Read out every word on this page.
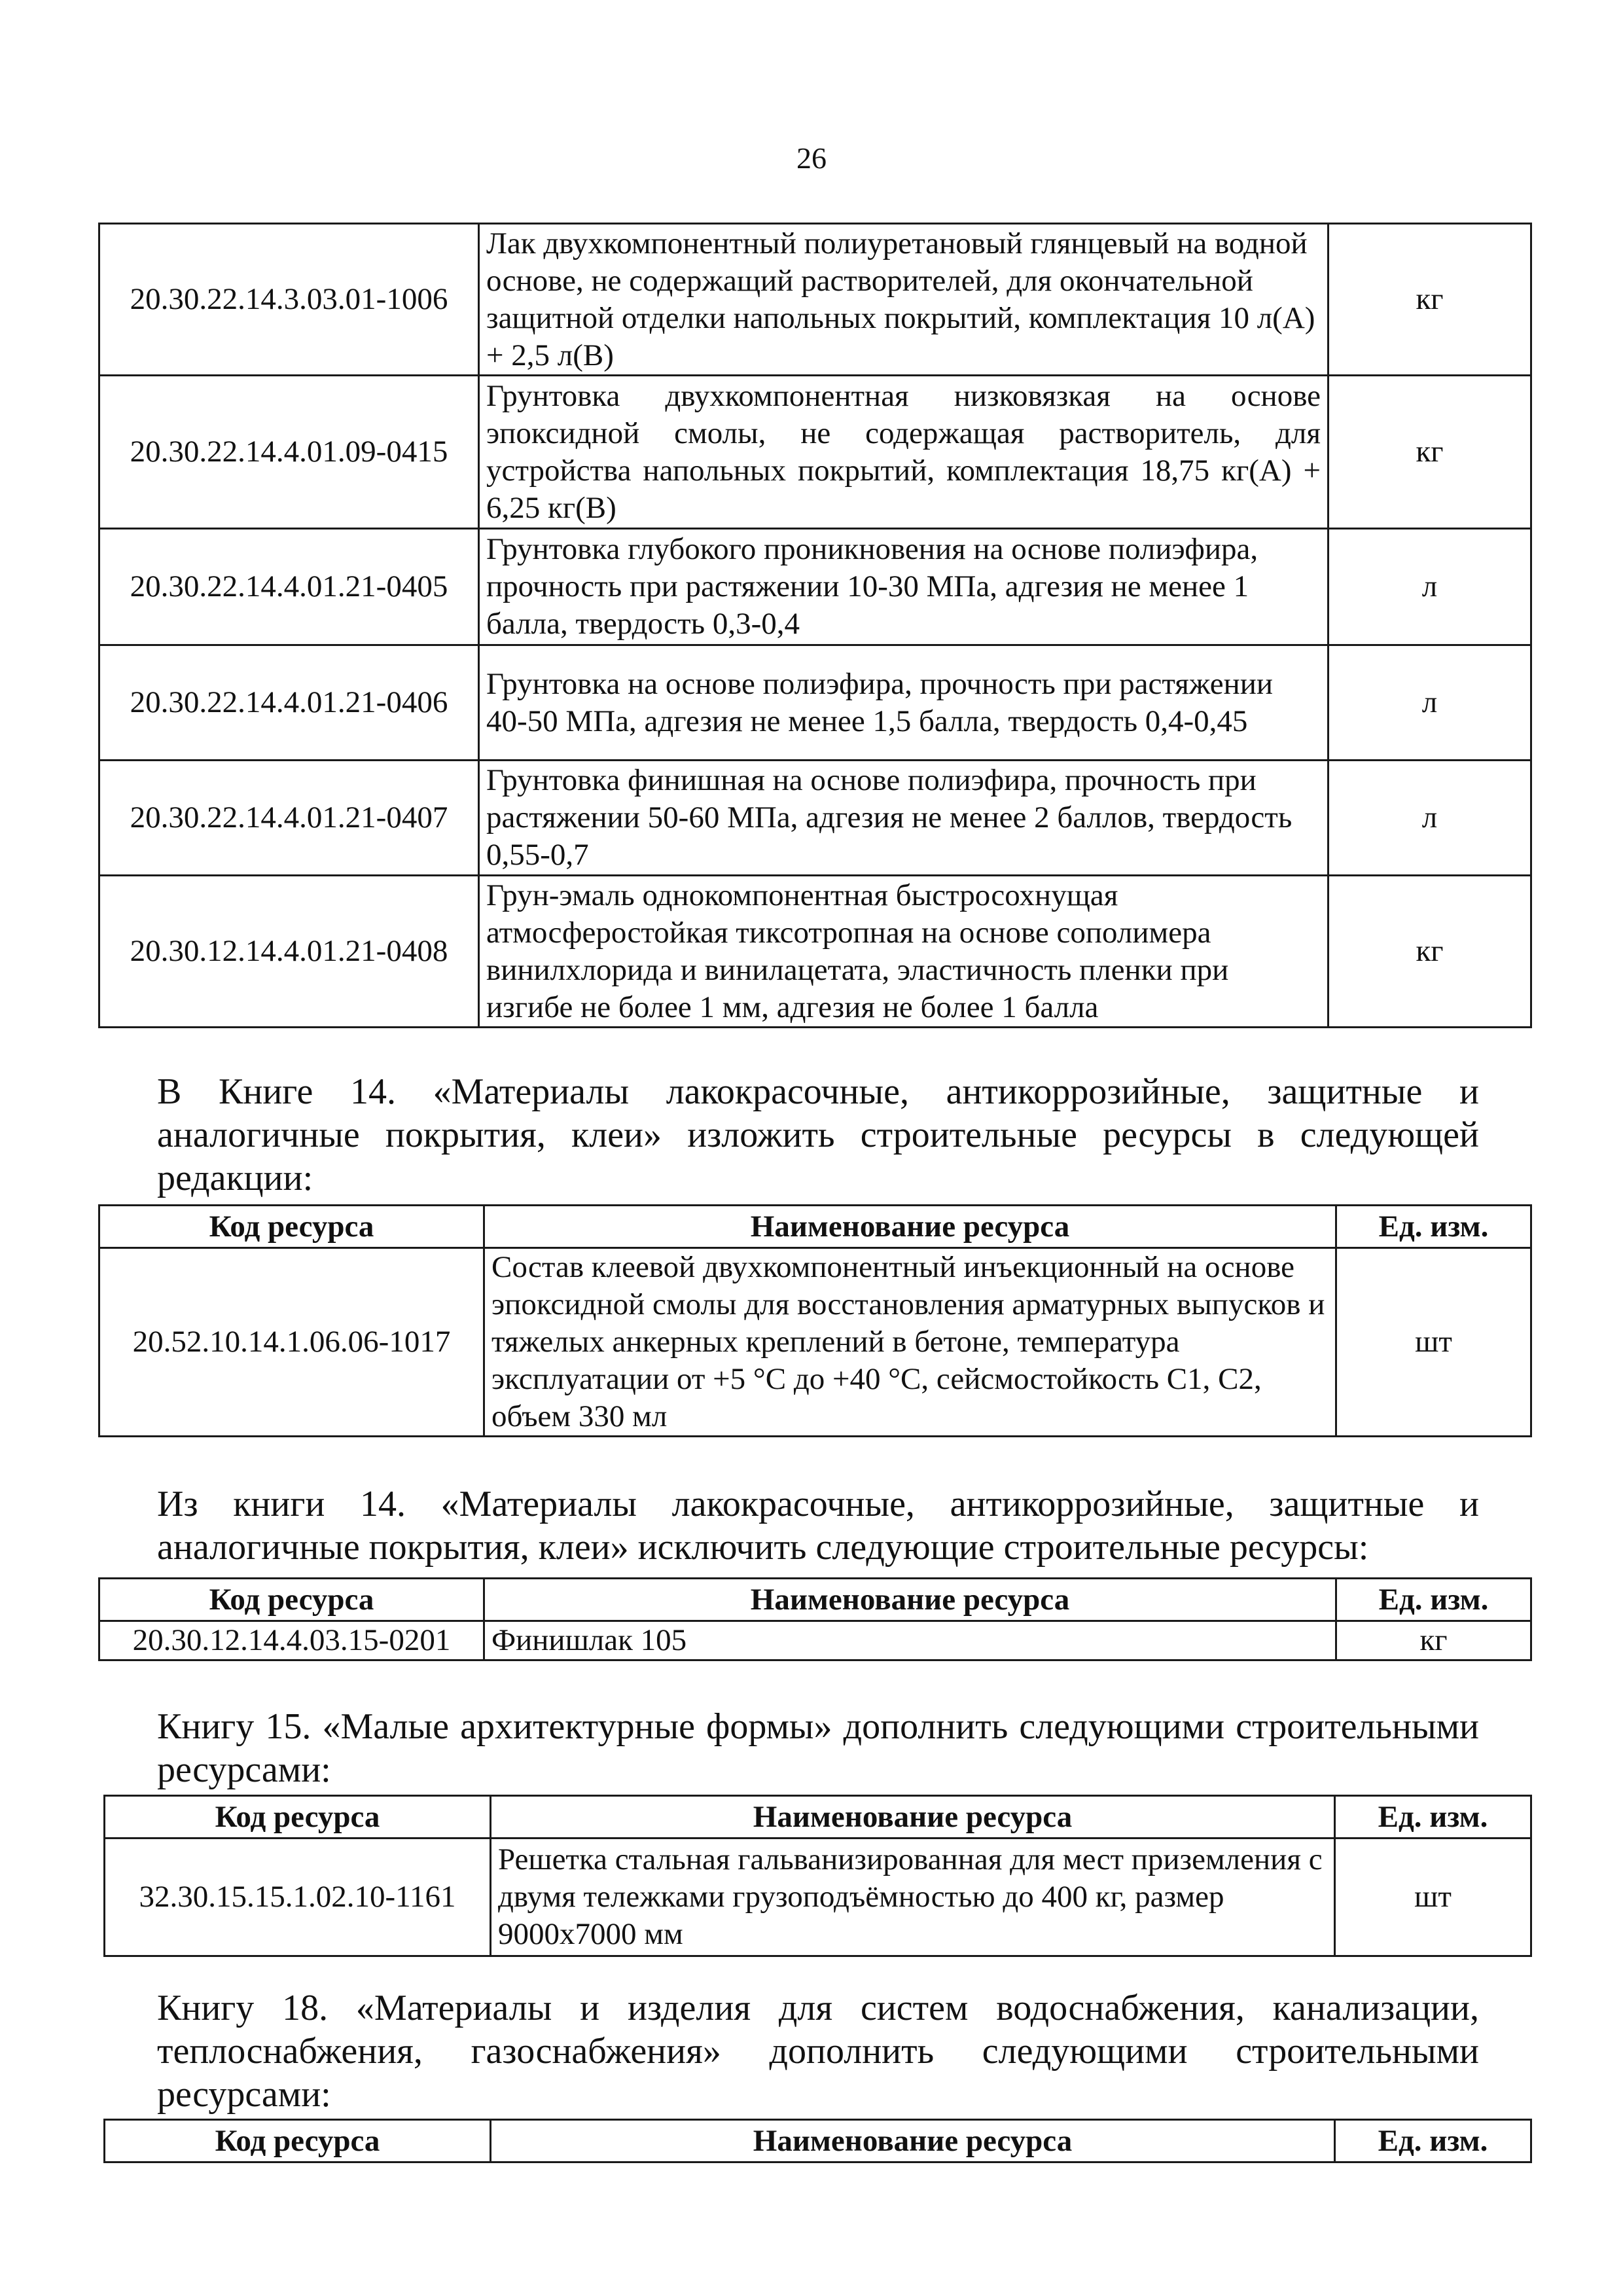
26
20.30.22.14.3.03.01-1006	Лак двухкомпонентный полиуретановый глянцевый на водной основе, не содержащий растворителей, для окончательной защитной отделки напольных покрытий, комплектация 10 л(А) + 2,5 л(В)	кг
20.30.22.14.4.01.09-0415	Грунтовка двухкомпонентная низковязкая на основе эпоксидной смолы, не содержащая растворитель, для устройства напольных покрытий, комплектация 18,75 кг(А) + 6,25 кг(В)	кг
20.30.22.14.4.01.21-0405	Грунтовка глубокого проникновения на основе полиэфира, прочность при растяжении 10-30 МПа, адгезия не менее 1 балла, твердость 0,3-0,4	л
20.30.22.14.4.01.21-0406	Грунтовка на основе полиэфира, прочность при растяжении 40-50 МПа, адгезия не менее 1,5 балла, твердость 0,4-0,45	л
20.30.22.14.4.01.21-0407	Грунтовка финишная на основе полиэфира, прочность при растяжении 50-60 МПа, адгезия не менее 2 баллов, твердость 0,55-0,7	л
20.30.12.14.4.01.21-0408	Грун-эмаль однокомпонентная быстросохнущая атмосферостойкая тиксотропная на основе сополимера винилхлорида и винилацетата, эластичность пленки при изгибе не более 1 мм, адгезия не более 1 балла	кг
В Книге 14. «Материалы лакокрасочные, антикоррозийные, защитные и аналогичные покрытия, клеи» изложить строительные ресурсы в следующей редакции:
Код ресурса	Наименование ресурса	Ед. изм.
20.52.10.14.1.06.06-1017	Состав клеевой двухкомпонентный инъекционный на основе эпоксидной смолы для восстановления арматурных выпусков и тяжелых анкерных креплений в бетоне, температура эксплуатации от +5 °С до +40 °С, сейсмостойкость С1, С2, объем 330 мл	шт
Из книги 14. «Материалы лакокрасочные, антикоррозийные, защитные и аналогичные покрытия, клеи» исключить следующие строительные ресурсы:
Код ресурса	Наименование ресурса	Ед. изм.
20.30.12.14.4.03.15-0201	Финишлак 105	кг
Книгу 15. «Малые архитектурные формы» дополнить следующими строительными ресурсами:
Код ресурса	Наименование ресурса	Ед. изм.
32.30.15.15.1.02.10-1161	Решетка стальная гальванизированная для мест приземления с двумя тележками грузоподъёмностью до 400 кг, размер 9000х7000 мм	шт
Книгу 18. «Материалы и изделия для систем водоснабжения, канализации, теплоснабжения, газоснабжения» дополнить следующими строительными ресурсами:
Код ресурса	Наименование ресурса	Ед. изм.
